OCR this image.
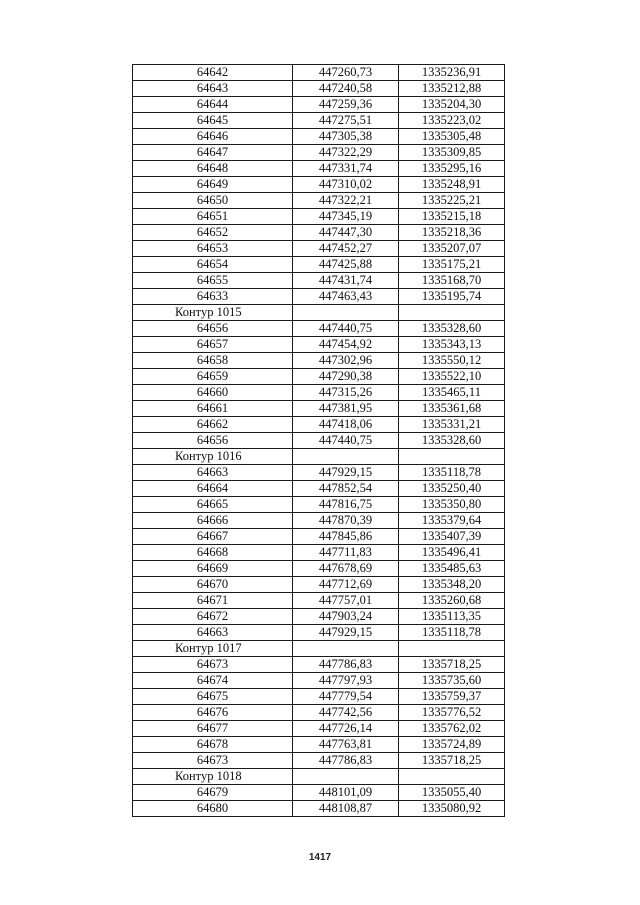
64642	447260,73	1335236,91
64643	447240,58	1335212,88
64644	447259,36	1335204,30
64645	447275,51	1335223,02
64646	447305,38	1335305,48
64647	447322,29	1335309,85
64648	447331,74	1335295,16
64649	447310,02	1335248,91
64650	447322,21	1335225,21
64651	447345,19	1335215,18
64652	447447,30	1335218,36
64653	447452,27	1335207,07
64654	447425,88	1335175,21
64655	447431,74	1335168,70
64633	447463,43	1335195,74
Контур 1015		
64656	447440,75	1335328,60
64657	447454,92	1335343,13
64658	447302,96	1335550,12
64659	447290,38	1335522,10
64660	447315,26	1335465,11
64661	447381,95	1335361,68
64662	447418,06	1335331,21
64656	447440,75	1335328,60
Контур 1016		
64663	447929,15	1335118,78
64664	447852,54	1335250,40
64665	447816,75	1335350,80
64666	447870,39	1335379,64
64667	447845,86	1335407,39
64668	447711,83	1335496,41
64669	447678,69	1335485,63
64670	447712,69	1335348,20
64671	447757,01	1335260,68
64672	447903,24	1335113,35
64663	447929,15	1335118,78
Контур 1017		
64673	447786,83	1335718,25
64674	447797,93	1335735,60
64675	447779,54	1335759,37
64676	447742,56	1335776,52
64677	447726,14	1335762,02
64678	447763,81	1335724,89
64673	447786,83	1335718,25
Контур 1018		
64679	448101,09	1335055,40
64680	448108,87	1335080,92
1417
